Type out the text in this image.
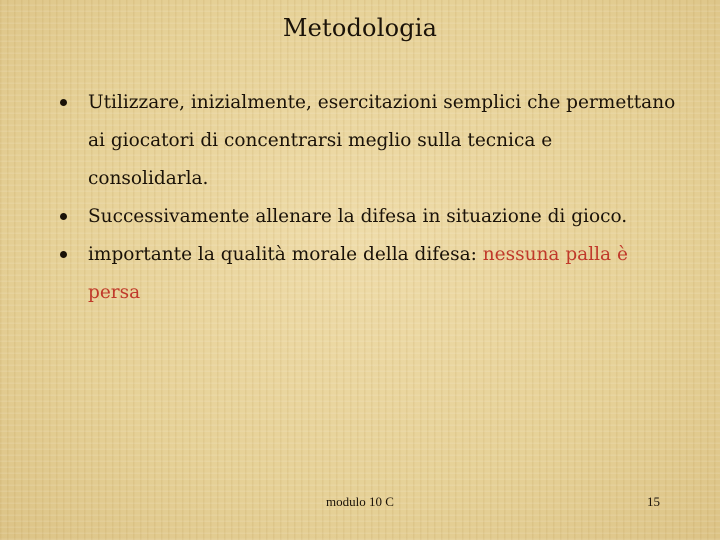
Metodologia
Utilizzare, inizialmente, esercitazioni semplici che permettano ai giocatori di concentrarsi meglio sulla tecnica e consolidarla.
Successivamente allenare la difesa in situazione di gioco.
importante la qualità morale della difesa: nessuna palla è persa
modulo 10 C	15
